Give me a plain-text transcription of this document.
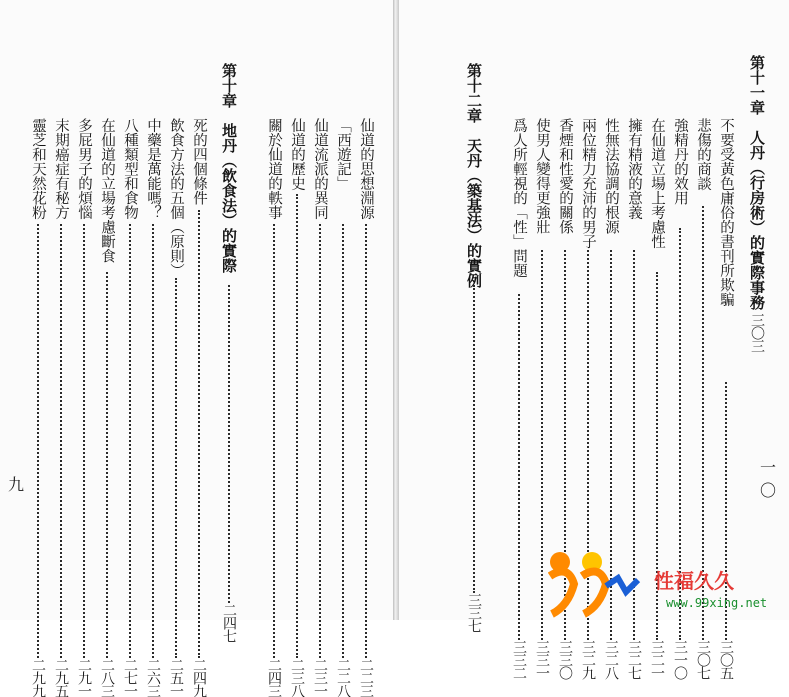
九
一〇
靈芝和天然花粉
二九九
末期癌症有秘方
二九五
多屁男子的煩惱
二九一
在仙道的立場考慮斷食
二八三
八種類型和食物
二七一
中藥是萬能嗎？
二六三
飲食方法的五個（原則）
二五一
死的四個條件
二四九
第十章　地丹（飲食法）的實際
二四七
關於仙道的軼事
二四三
仙道的歷史
二三八
仙道流派的異同
二三一
「西遊記」
二二八
仙道的思想淵源
二二三
第十二章　天丹（築基法）的實例
三三七
爲人所輕視的「性」問題
三三二
使男人變得更強壯
三三一
香煙和性愛的關係
三三〇
兩位精力充沛的男子
三二九
性無法協調的根源
三二八
擁有精液的意義
三二七
在仙道立場上考慮性
三二一
強精丹的效用
三一〇
悲傷的商談
三〇七
不要受黃色庸俗的書刊所欺騙
三〇五
第十一章　人丹（行房術）的實際事務
三〇三
性福久久
www.99xing.net
